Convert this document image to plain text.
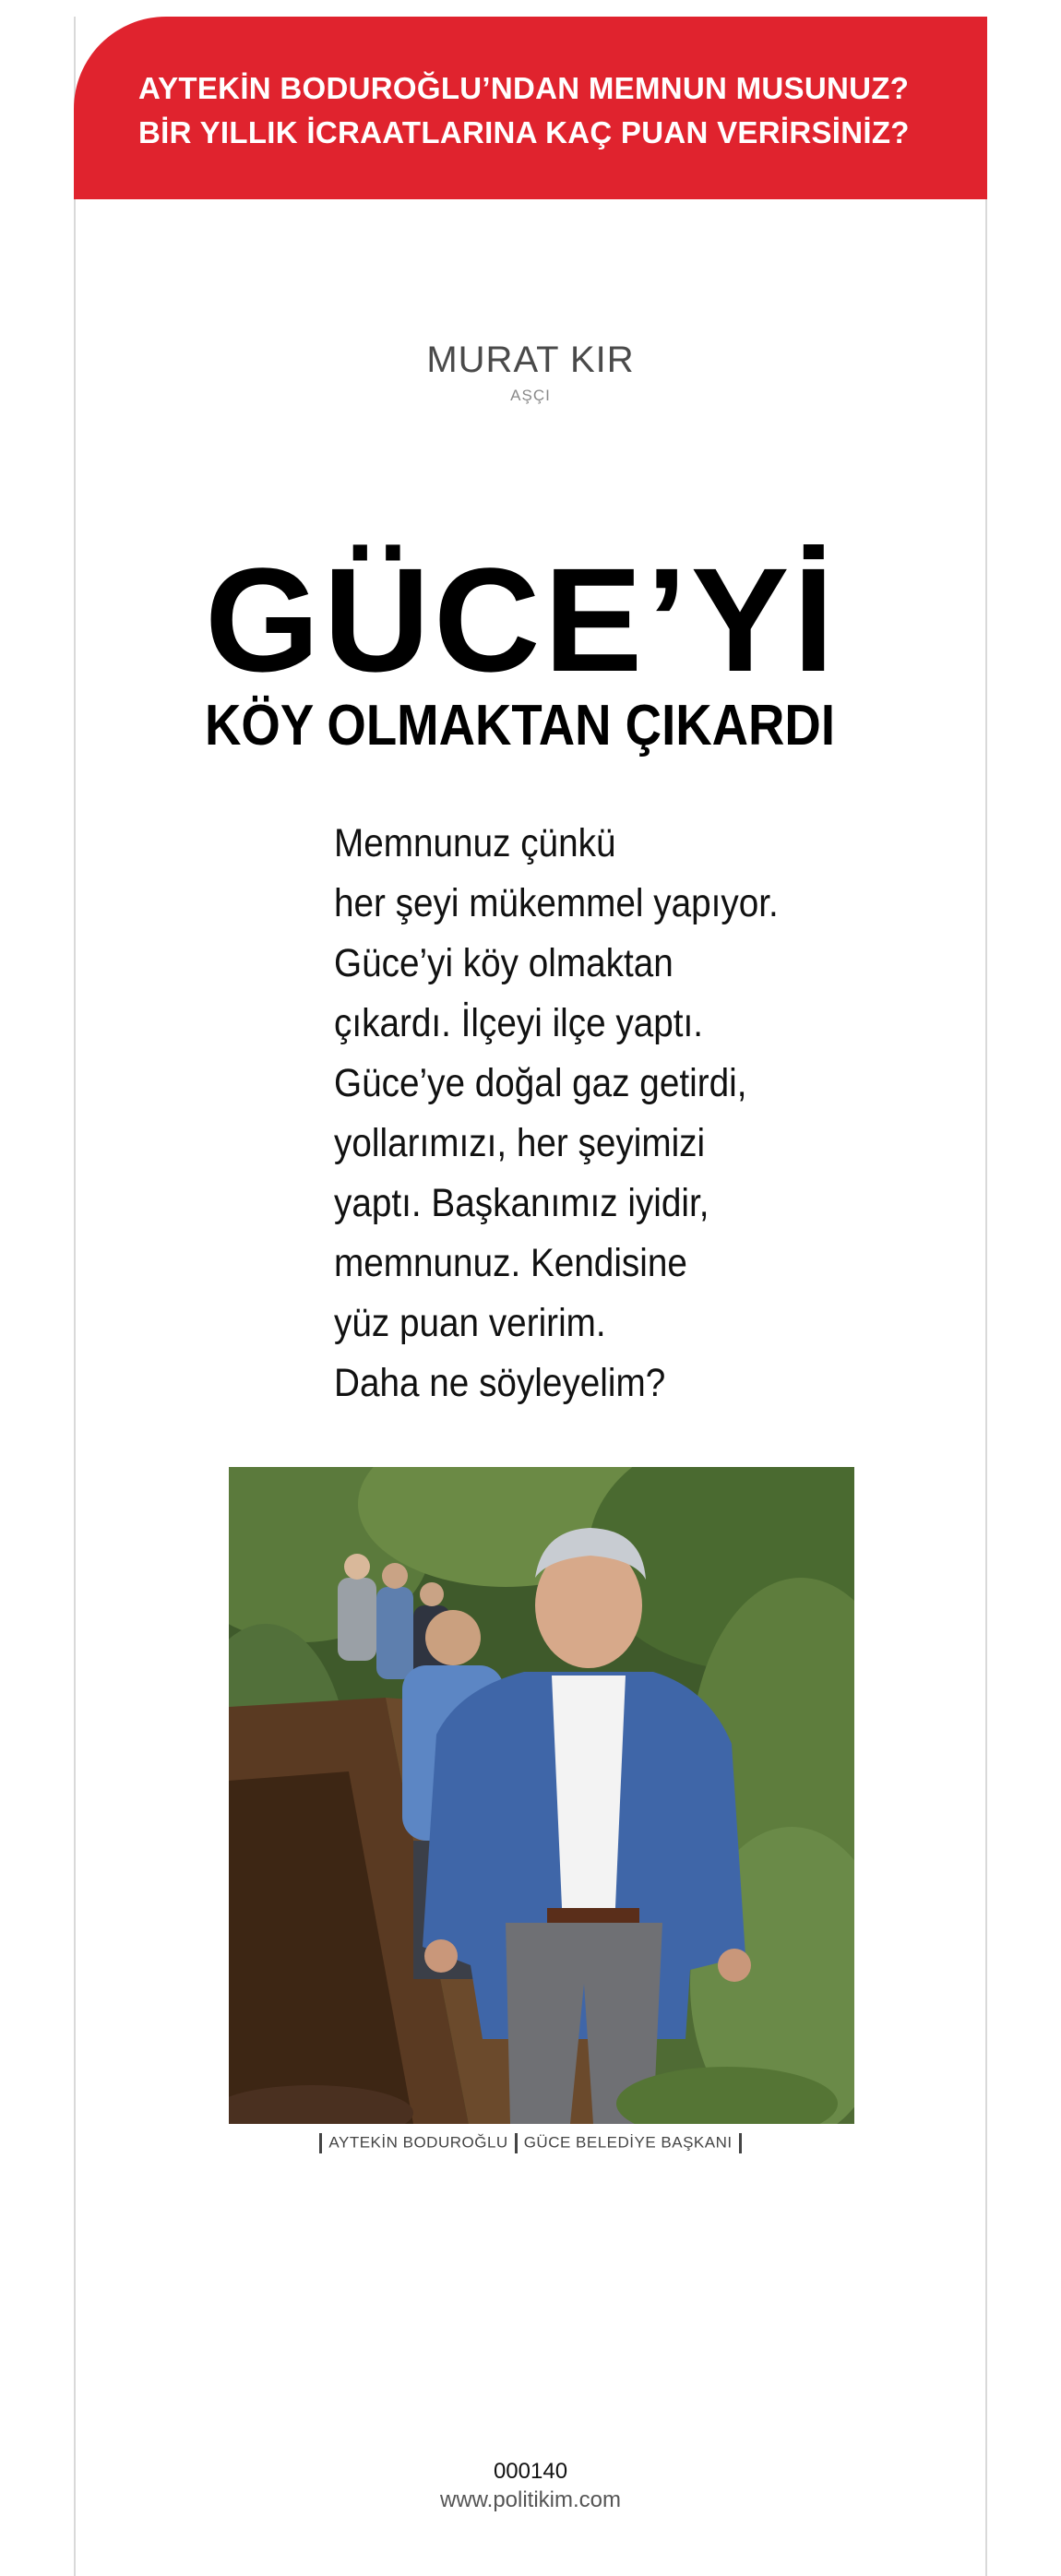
AYTEKİN BODUROĞLU’NDAN MEMNUN MUSUNUZ?
BİR YILLIK İCRAATLARINA KAÇ PUAN VERİRSİNİZ?
MURAT KIR
AŞÇI
GÜCE’Yİ
KÖY OLMAKTAN ÇIKARDI
Memnunuz çünkü
her şeyi mükemmel yapıyor.
Güce’yi köy olmaktan
çıkardı. İlçeyi ilçe yaptı.
Güce’ye doğal gaz getirdi,
yollarımızı, her şeyimizi
yaptı. Başkanımız iyidir,
memnunuz. Kendisine
yüz puan veririm.
Daha ne söyleyelim?
AYTEKİN BODUROĞLU GÜCE BELEDİYE BAŞKANI
000140
www.politikim.com
